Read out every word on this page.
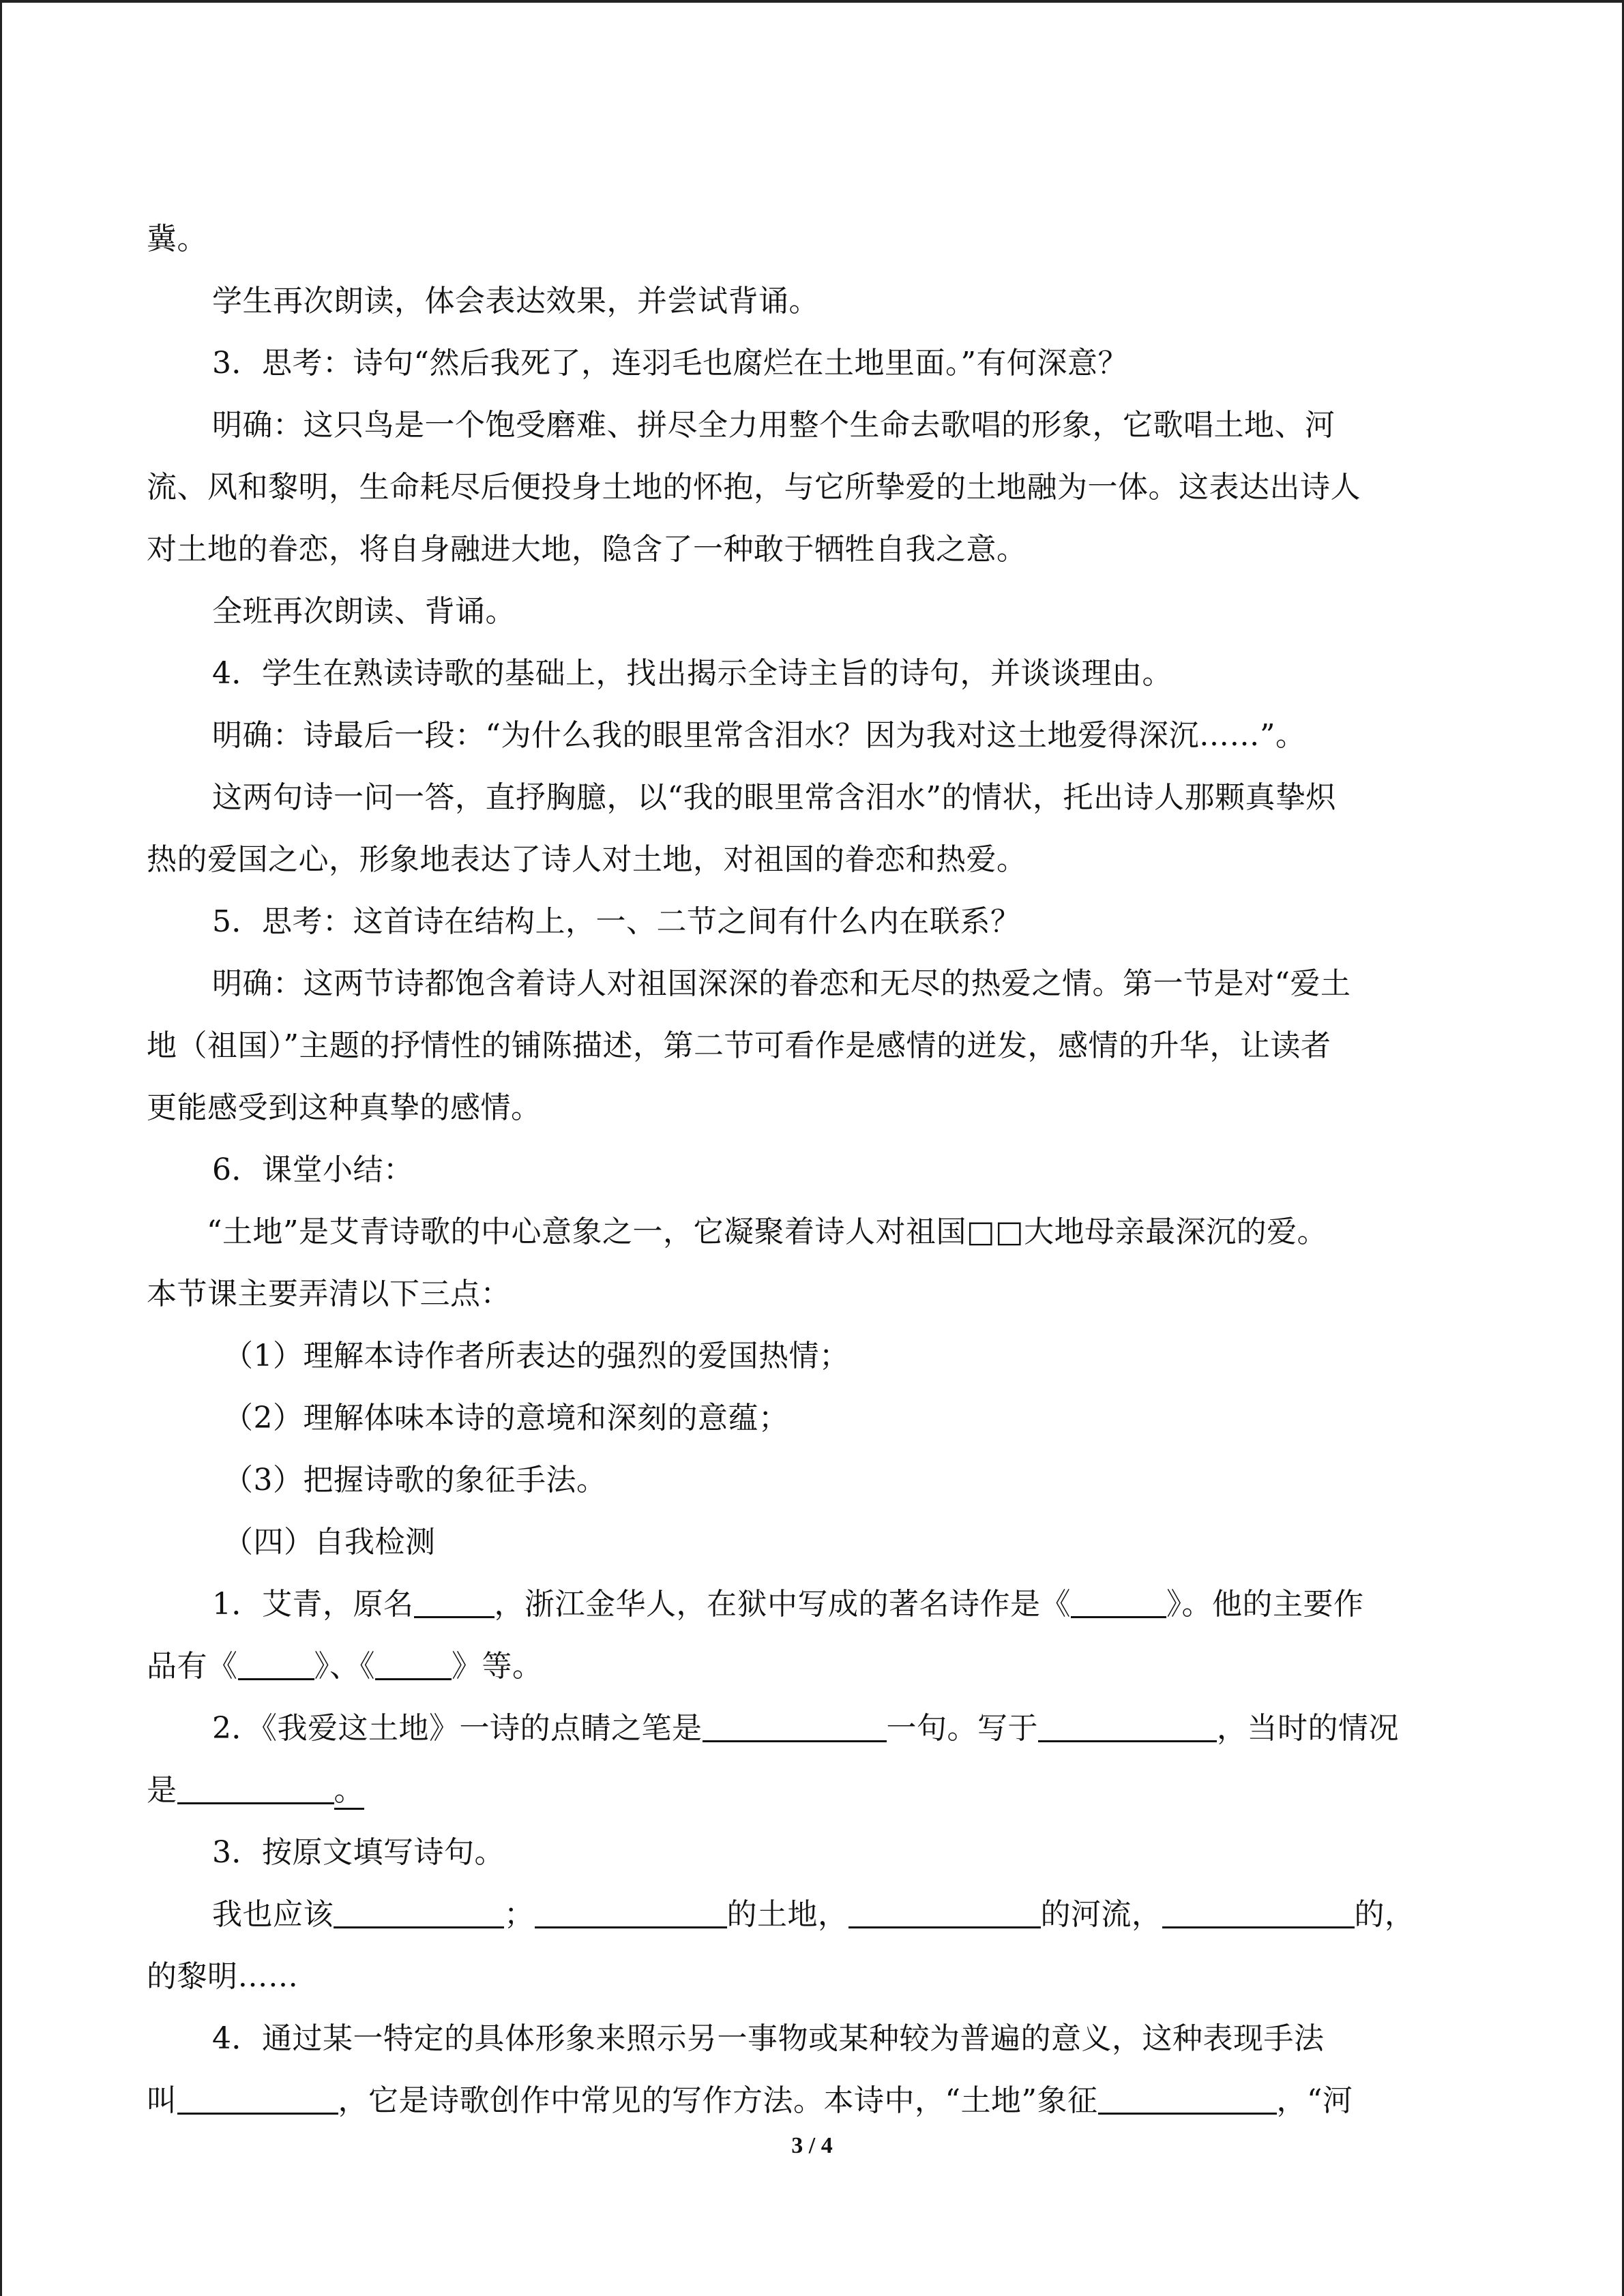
冀。
学生再次朗读，体会表达效果，并尝试背诵。
3．思考：诗句“然后我死了，连羽毛也腐烂在土地里面。”有何深意？
明确：这只鸟是一个饱受磨难、拼尽全力用整个生命去歌唱的形象，它歌唱土地、河
流、风和黎明，生命耗尽后便投身土地的怀抱，与它所挚爱的土地融为一体。这表达出诗人
对土地的眷恋，将自身融进大地，隐含了一种敢于牺牲自我之意。
全班再次朗读、背诵。
4．学生在熟读诗歌的基础上，找出揭示全诗主旨的诗句，并谈谈理由。
明确：诗最后一段：“为什么我的眼里常含泪水？因为我对这土地爱得深沉……”。
这两句诗一问一答，直抒胸臆，以“我的眼里常含泪水”的情状，托出诗人那颗真挚炽
热的爱国之心，形象地表达了诗人对土地，对祖国的眷恋和热爱。
5．思考：这首诗在结构上，一、二节之间有什么内在联系？
明确：这两节诗都饱含着诗人对祖国深深的眷恋和无尽的热爱之情。第一节是对“爱土
地（祖国）”主题的抒情性的铺陈描述，第二节可看作是感情的迸发，感情的升华，让读者
更能感受到这种真挚的感情。
6．课堂小结：
“土地”是艾青诗歌的中心意象之一，它凝聚着诗人对祖国□□大地母亲最深沉的爱。
本节课主要弄清以下三点：
（1）理解本诗作者所表达的强烈的爱国热情；
（2）理解体味本诗的意境和深刻的意蕴；
（3）把握诗歌的象征手法。
（四）自我检测
1．艾青，原名	，浙江金华人，在狱中写成的著名诗作是《	》。他的主要作
品有《	》、《	》等。
2．《我爱这土地》一诗的点睛之笔是	一句。写于	，当时的情况
是	。
3．按原文填写诗句。
我也应该	；	的土地，	的河流，	的，
的黎明……
4．通过某一特定的具体形象来照示另一事物或某种较为普遍的意义，这种表现手法
叫	，它是诗歌创作中常见的写作方法。本诗中，“土地”象征	，“河
3 / 4
